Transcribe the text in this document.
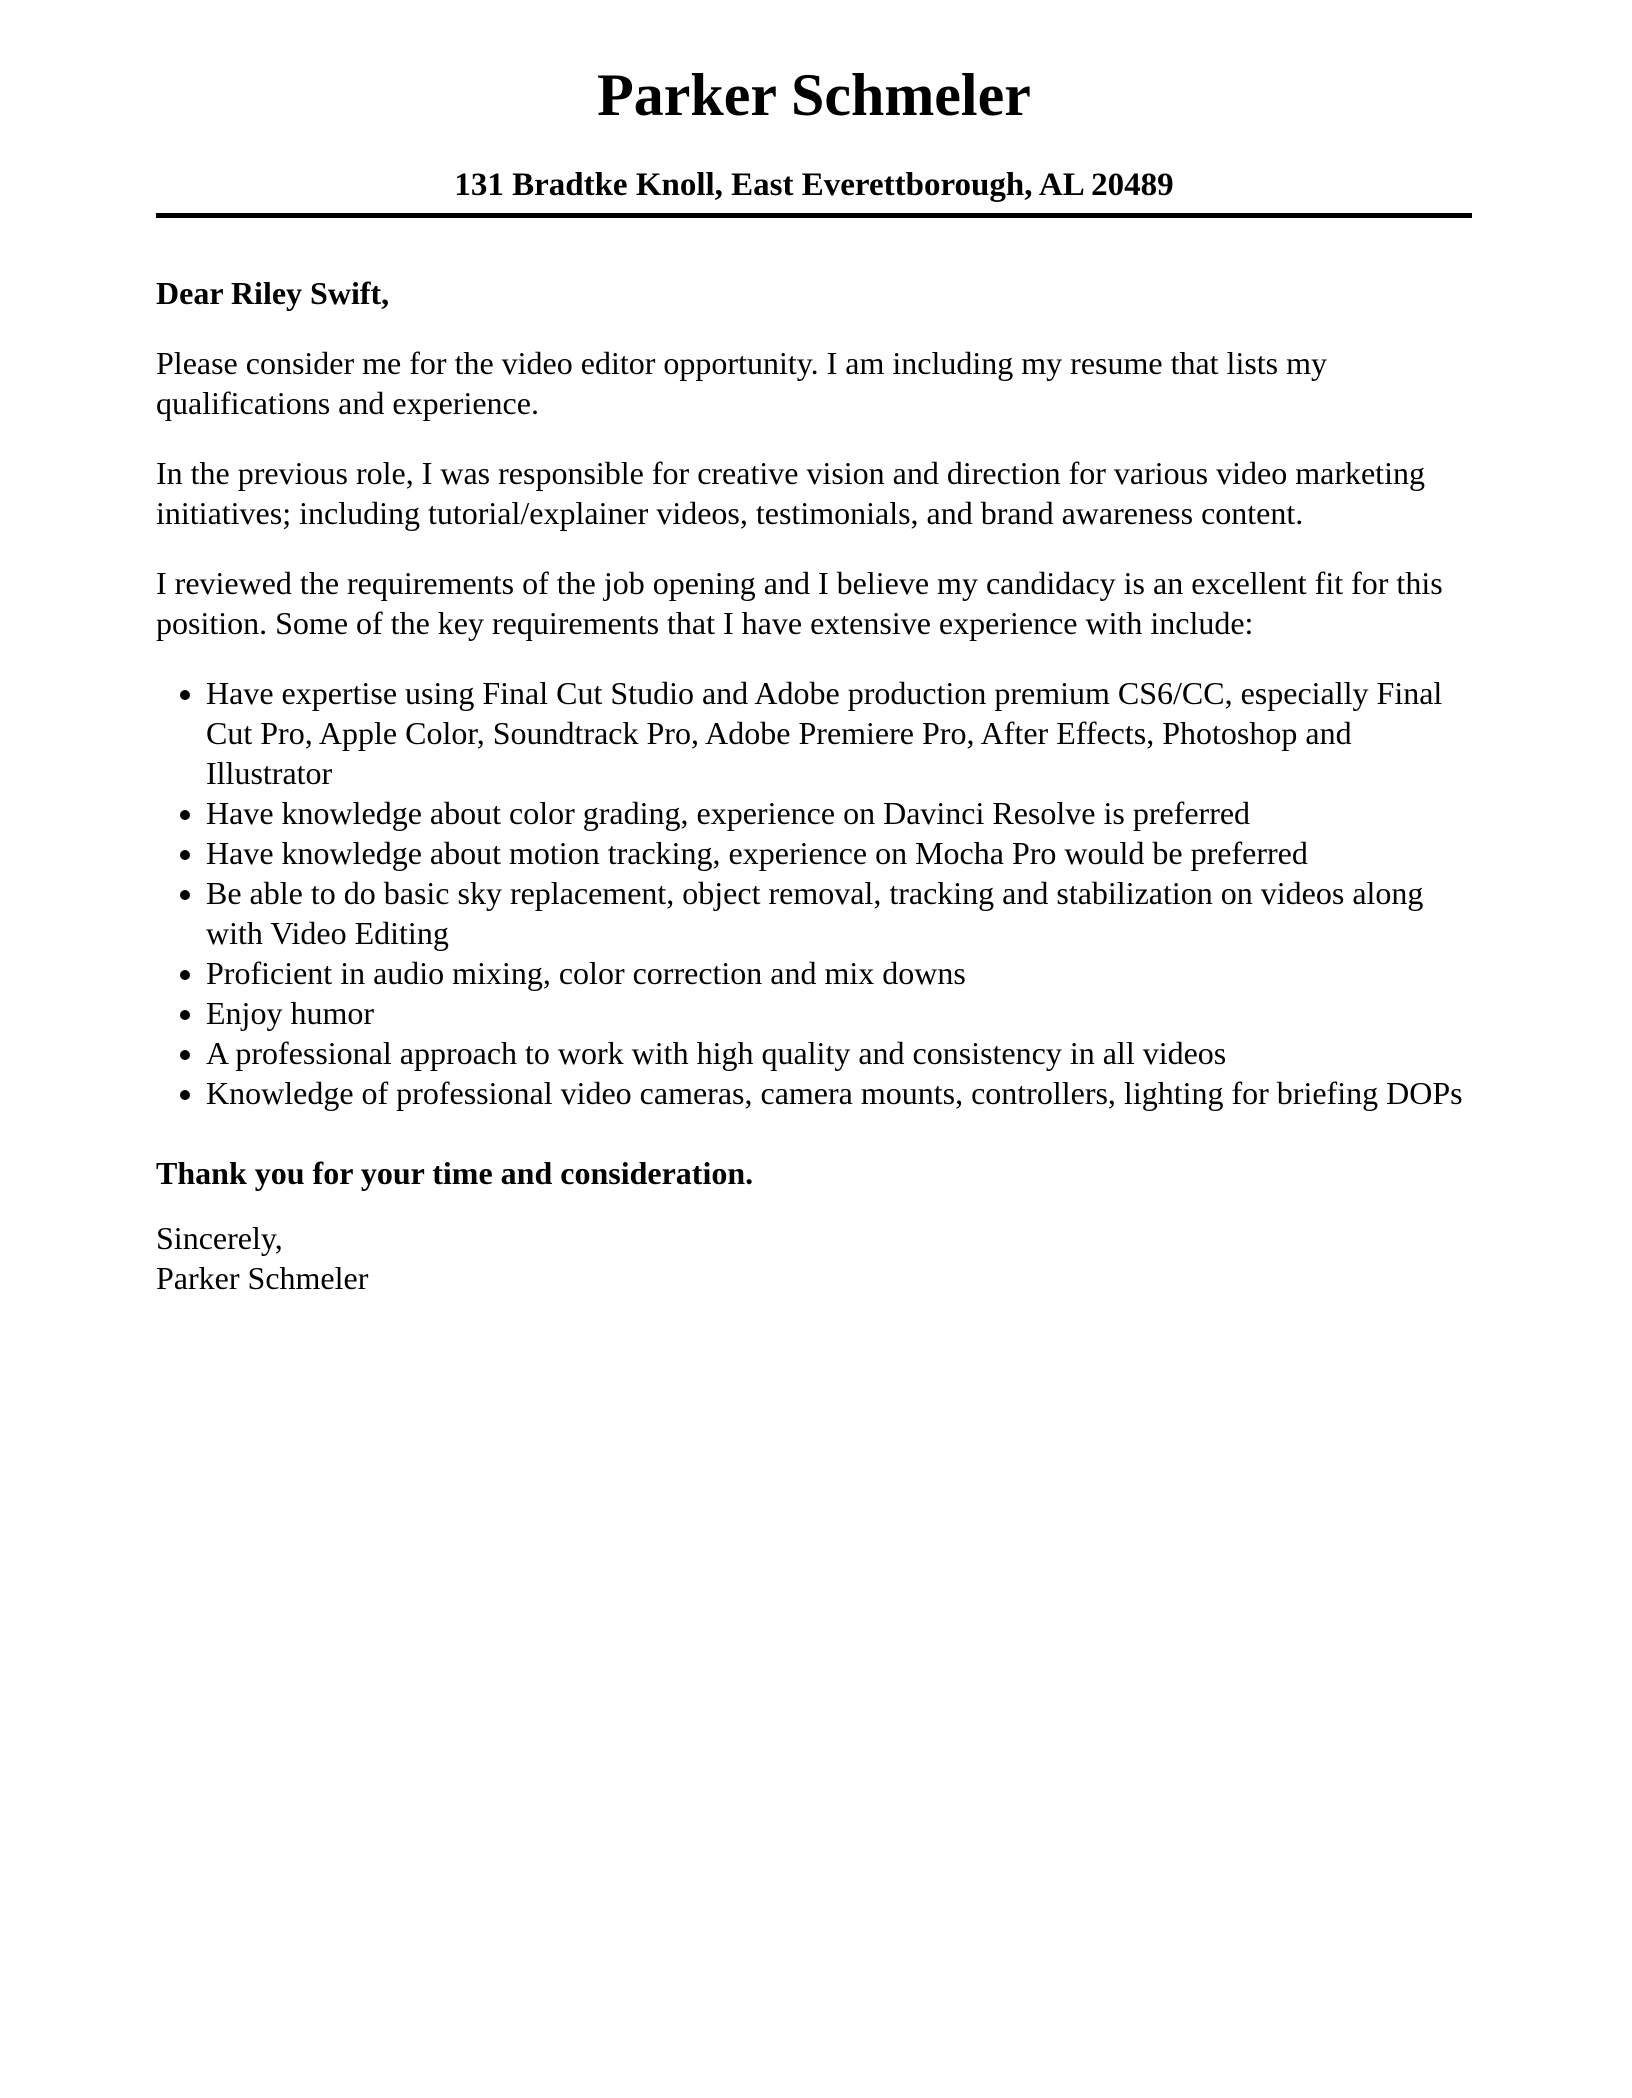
Parker Schmeler
131 Bradtke Knoll, East Everettborough, AL 20489

Dear Riley Swift,

Please consider me for the video editor opportunity. I am including my resume that lists my qualifications and experience.

In the previous role, I was responsible for creative vision and direction for various video marketing initiatives; including tutorial/explainer videos, testimonials, and brand awareness content.

I reviewed the requirements of the job opening and I believe my candidacy is an excellent fit for this position. Some of the key requirements that I have extensive experience with include:

• Have expertise using Final Cut Studio and Adobe production premium CS6/CC, especially Final Cut Pro, Apple Color, Soundtrack Pro, Adobe Premiere Pro, After Effects, Photoshop and Illustrator
• Have knowledge about color grading, experience on Davinci Resolve is preferred
• Have knowledge about motion tracking, experience on Mocha Pro would be preferred
• Be able to do basic sky replacement, object removal, tracking and stabilization on videos along with Video Editing
• Proficient in audio mixing, color correction and mix downs
• Enjoy humor
• A professional approach to work with high quality and consistency in all videos
• Knowledge of professional video cameras, camera mounts, controllers, lighting for briefing DOPs

Thank you for your time and consideration.

Sincerely,
Parker Schmeler
